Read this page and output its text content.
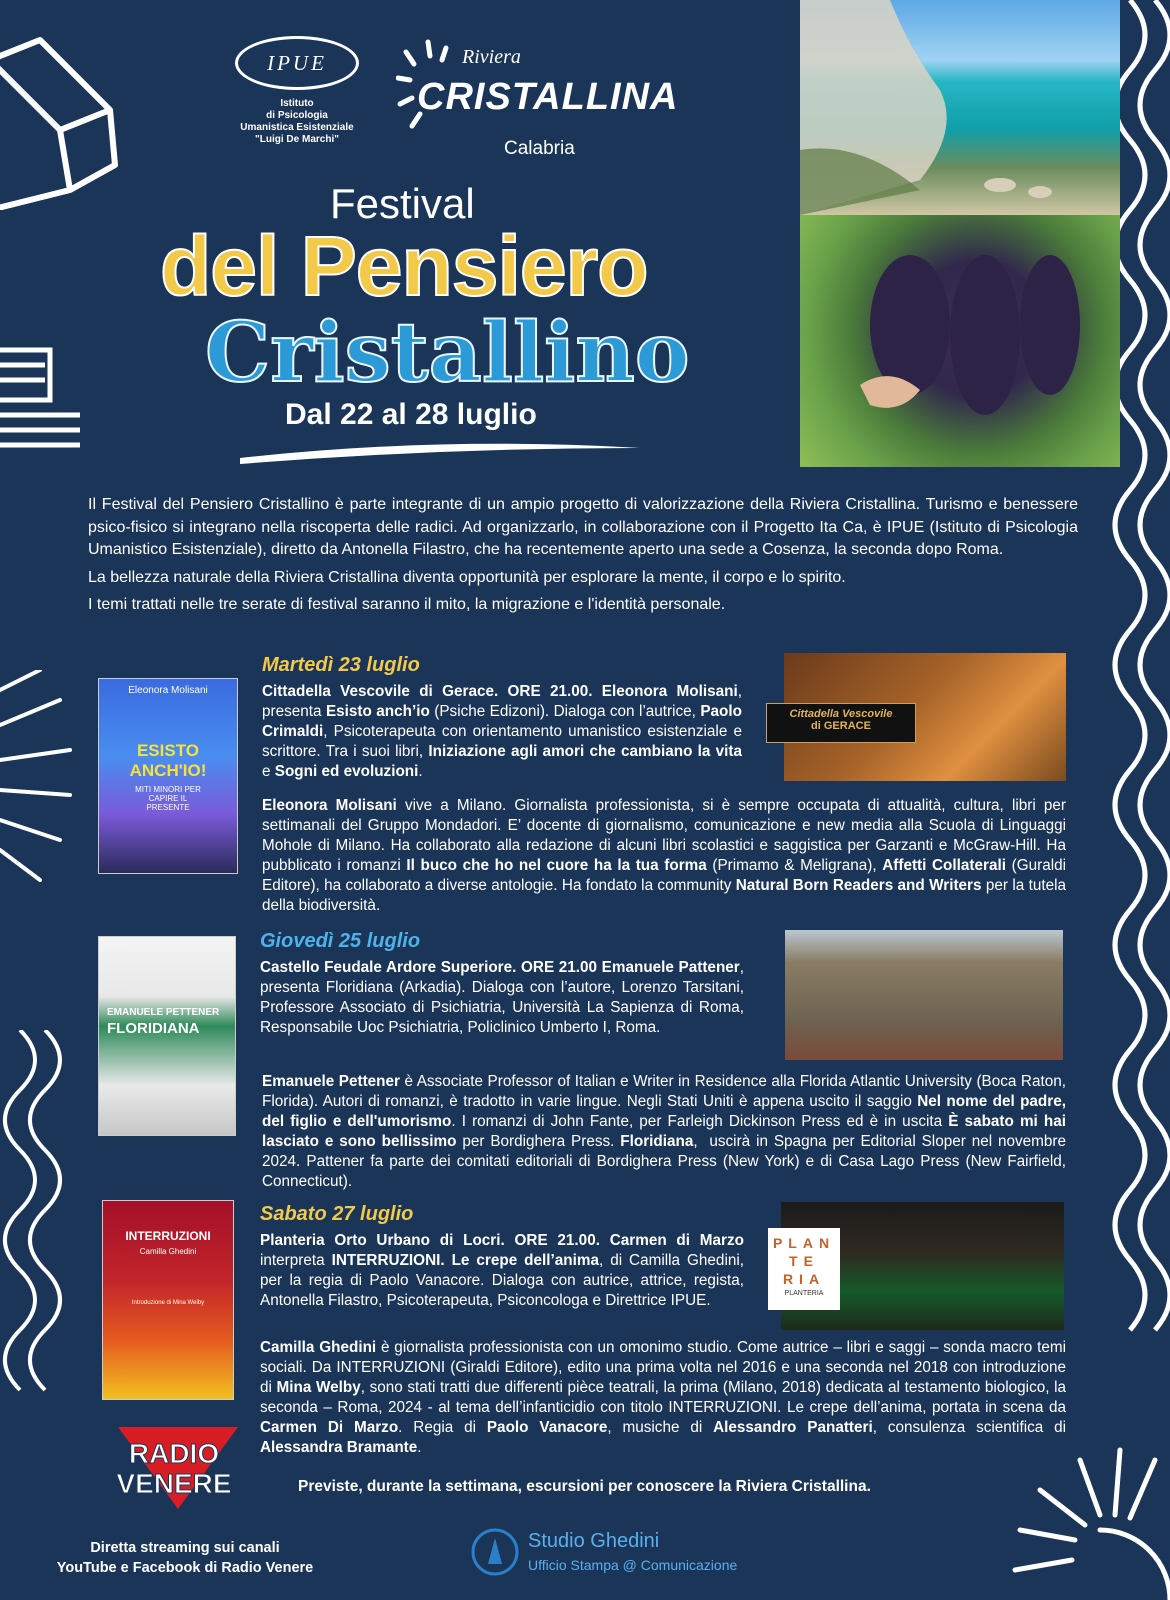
IPUE
Istituto
di Psicologia
Umanistica Esistenziale
"Luigi De Marchi"
Riviera
CRISTALLINA
Calabria
Festival
del Pensiero
Cristallino
Dal 22 al 28 luglio

Il Festival del Pensiero Cristallino è parte integrante di un ampio progetto di valorizzazione della Riviera Cristallina. Turismo e benessere psico-fisico si integrano nella riscoperta delle radici. Ad organizzarlo, in collaborazione con il Progetto Ita Ca, è IPUE (Istituto di Psicologia Umanistico Esistenziale), diretto da Antonella Filastro, che ha recentemente aperto una sede a Cosenza, la seconda dopo Roma.

La bellezza naturale della Riviera Cristallina diventa opportunità per esplorare la mente, il corpo e lo spirito.

I temi trattati nelle tre serate di festival saranno il mito, la migrazione e l'identità personale.

Eleonora Molisani
ESISTO ANCH'IO!
MITI MINORI PER CAPIRE IL PRESENTE
Martedì 23 luglio
Cittadella Vescovile di Gerace. ORE 21.00. Eleonora Molisani, presenta Esisto anch’io (Psiche Edizoni). Dialoga con l’autrice, Paolo Crimaldi, Psicoterapeuta con orientamento umanistico esistenziale e scrittore. Tra i suoi libri, Iniziazione agli amori che cambiano la vita e Sogni ed evoluzioni.
Cittadella Vescovile
di GERACE
Eleonora Molisani vive a Milano. Giornalista professionista, si è sempre occupata di attualità, cultura, libri per settimanali del Gruppo Mondadori. E’ docente di giornalismo, comunicazione e new media alla Scuola di Linguaggi Mohole di Milano. Ha collaborato alla redazione di alcuni libri scolastici e saggistica per Garzanti e McGraw-Hill. Ha pubblicato i romanzi Il buco che ho nel cuore ha la tua forma (Primamo & Meligrana), Affetti Collaterali (Guraldi Editore), ha collaborato a diverse antologie. Ha fondato la community Natural Born Readers and Writers per la tutela della biodiversità.
EMANUELE PETTENER
FLORIDIANA
Giovedì 25 luglio
Castello Feudale Ardore Superiore. ORE 21.00 Emanuele Pattener, presenta Floridiana (Arkadia). Dialoga con l’autore, Lorenzo Tarsitani, Professore Associato di Psichiatria, Università La Sapienza di Roma, Responsabile Uoc Psichiatria, Policlinico Umberto I, Roma.
Emanuele Pettener è Associate Professor of Italian e Writer in Residence alla Florida Atlantic University (Boca Raton, Florida). Autori di romanzi, è tradotto in varie lingue. Negli Stati Uniti è appena uscito il saggio Nel nome del padre, del figlio e dell'umorismo. I romanzi di John Fante, per Farleigh Dickinson Press ed è in uscita È sabato mi hai lasciato e sono bellissimo per Bordighera Press. Floridiana,  uscirà in Spagna per Editorial Sloper nel novembre 2024. Pattener fa parte dei comitati editoriali di Bordighera Press (New York) e di Casa Lago Press (New Fairfield, Connecticut).
INTERRUZIONI
Camilla Ghedini
Introduzione di Mina Welby
Sabato 27 luglio
Planteria Orto Urbano di Locri. ORE 21.00. Carmen di Marzo interpreta INTERRUZIONI. Le crepe dell’anima, di Camilla Ghedini, per la regia di Paolo Vanacore. Dialoga con autrice, attrice, regista, Antonella Filastro, Psicoterapeuta, Psiconcologa e Direttrice IPUE.
PLAN
TE
RIA
PLANTERIA
Camilla Ghedini è giornalista professionista con un omonimo studio. Come autrice – libri e saggi – sonda macro temi sociali. Da INTERRUZIONI (Giraldi Editore), edito una prima volta nel 2016 e una seconda nel 2018 con introduzione di Mina Welby, sono stati tratti due differenti pièce teatrali, la prima (Milano, 2018) dedicata al testamento biologico, la seconda – Roma, 2024 - al tema dell’infanticidio con titolo INTERRUZIONI. Le crepe dell’anima, portata in scena da Carmen Di Marzo. Regia di Paolo Vanacore, musiche di Alessandro Panatteri, consulenza scientifica di Alessandra Bramante.
Previste, durante la settimana, escursioni per conoscere la Riviera Cristallina.
RADIO
VENERE
Diretta streaming sui canali
YouTube e Facebook di Radio Venere
Studio Ghedini
Ufficio Stampa @ Comunicazione
